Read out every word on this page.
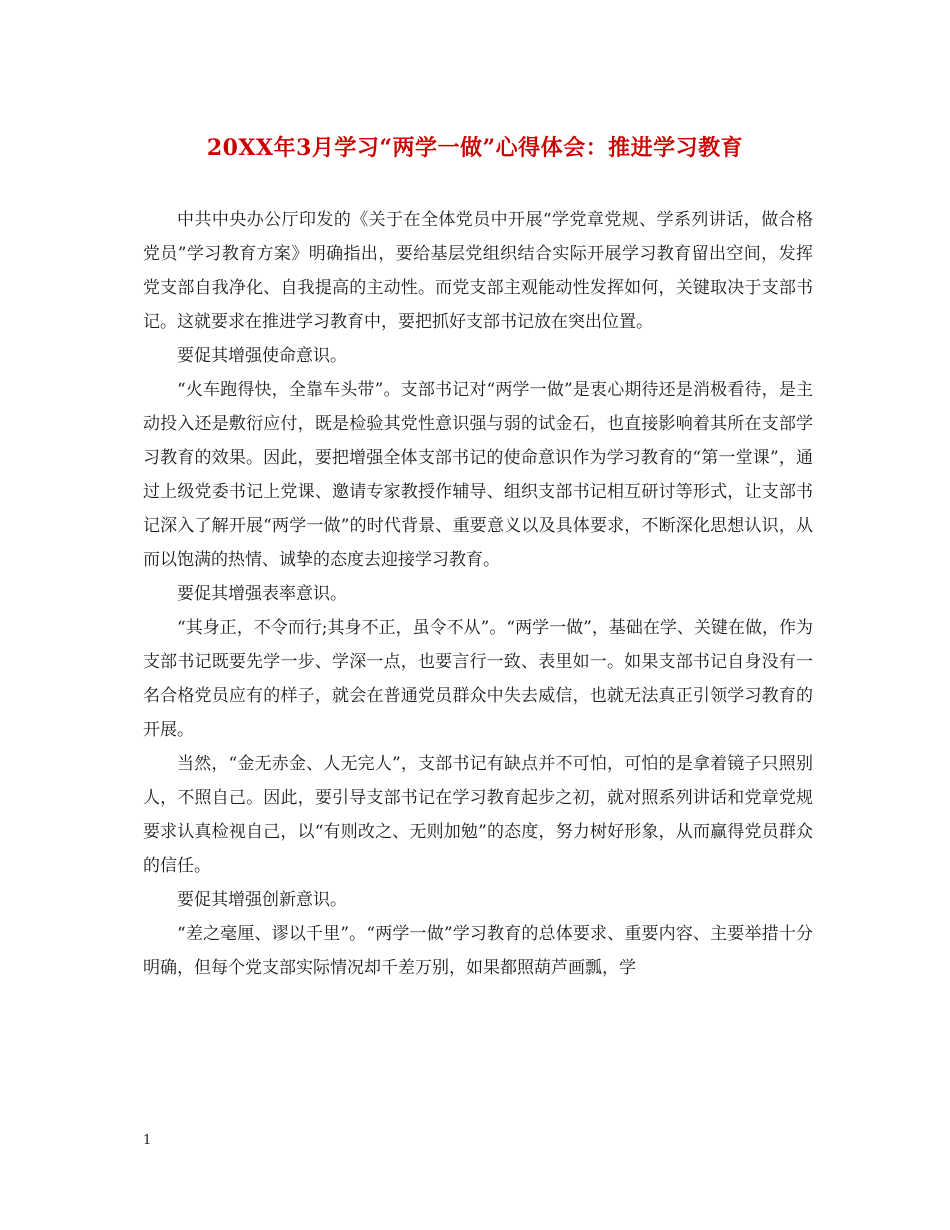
20XX年3月学习“两学一做”心得体会：推进学习教育

中共中央办公厅印发的《关于在全体党员中开展“学党章党规、学系列讲话，做合格党员”学习教育方案》明确指出，要给基层党组织结合实际开展学习教育留出空间，发挥党支部自我净化、自我提高的主动性。而党支部主观能动性发挥如何，关键取决于支部书记。这就要求在推进学习教育中，要把抓好支部书记放在突出位置。

要促其增强使命意识。

“火车跑得快，全靠车头带”。支部书记对“两学一做”是衷心期待还是消极看待，是主动投入还是敷衍应付，既是检验其党性意识强与弱的试金石，也直接影响着其所在支部学习教育的效果。因此，要把增强全体支部书记的使命意识作为学习教育的“第一堂课”，通过上级党委书记上党课、邀请专家教授作辅导、组织支部书记相互研讨等形式，让支部书记深入了解开展“两学一做”的时代背景、重要意义以及具体要求，不断深化思想认识，从而以饱满的热情、诚挚的态度去迎接学习教育。

要促其增强表率意识。

“其身正，不令而行;其身不正，虽令不从”。“两学一做”，基础在学、关键在做，作为支部书记既要先学一步、学深一点，也要言行一致、表里如一。如果支部书记自身没有一名合格党员应有的样子，就会在普通党员群众中失去威信，也就无法真正引领学习教育的开展。

当然，“金无赤金、人无完人”，支部书记有缺点并不可怕，可怕的是拿着镜子只照别人，不照自己。因此，要引导支部书记在学习教育起步之初，就对照系列讲话和党章党规要求认真检视自己，以“有则改之、无则加勉”的态度，努力树好形象，从而赢得党员群众的信任。

要促其增强创新意识。

“差之毫厘、谬以千里”。“两学一做”学习教育的总体要求、重要内容、主要举措十分明确，但每个党支部实际情况却千差万别，如果都照葫芦画瓢，学

1
